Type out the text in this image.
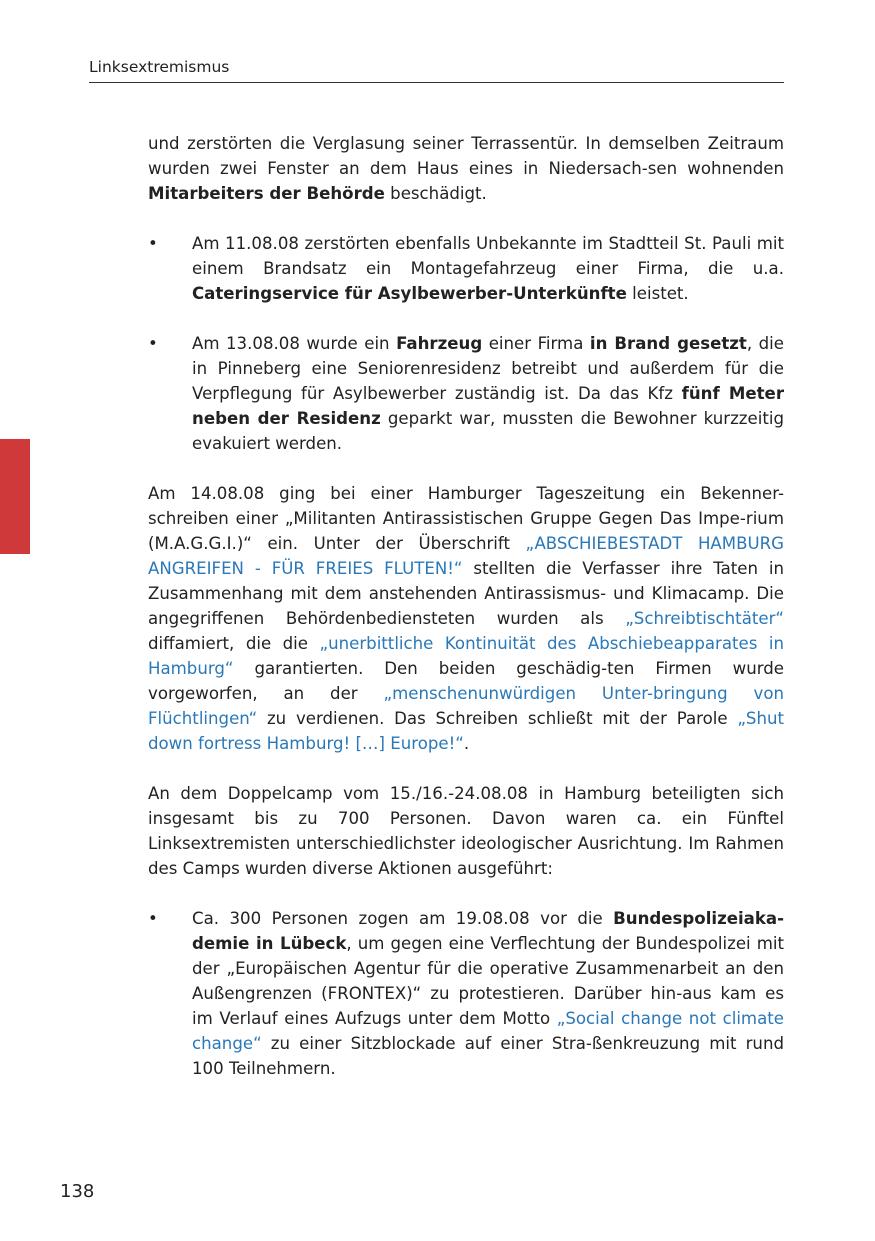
Linksextremismus

und zerstörten die Verglasung seiner Terrassentür. In demselben Zeitraum wurden zwei Fenster an dem Haus eines in Niedersach-sen wohnenden Mitarbeiters der Behörde beschädigt.

• Am 11.08.08 zerstörten ebenfalls Unbekannte im Stadtteil St. Pauli mit einem Brandsatz ein Montagefahrzeug einer Firma, die u.a. Cateringservice für Asylbewerber-Unterkünfte leistet.
• Am 13.08.08 wurde ein Fahrzeug einer Firma in Brand gesetzt, die in Pinneberg eine Seniorenresidenz betreibt und außerdem für die Verpflegung für Asylbewerber zuständig ist. Da das Kfz fünf Meter neben der Residenz geparkt war, mussten die Bewohner kurzzeitig evakuiert werden.

Am 14.08.08 ging bei einer Hamburger Tageszeitung ein Bekenner-schreiben einer „Militanten Antirassistischen Gruppe Gegen Das Impe-rium (M.A.G.G.I.)“ ein. Unter der Überschrift „ABSCHIEBESTADT HAMBURG ANGREIFEN - FÜR FREIES FLUTEN!“ stellten die Verfasser ihre Taten in Zusammenhang mit dem anstehenden Antirassismus- und Klimacamp. Die angegriffenen Behördenbediensteten wurden als „Schreibtischtäter“ diffamiert, die die „unerbittliche Kontinuität des Abschiebeapparates in Hamburg“ garantierten. Den beiden geschädig-ten Firmen wurde vorgeworfen, an der „menschenunwürdigen Unter-bringung von Flüchtlingen“ zu verdienen. Das Schreiben schließt mit der Parole „Shut down fortress Hamburg! […] Europe!“.

An dem Doppelcamp vom 15./16.-24.08.08 in Hamburg beteiligten sich insgesamt bis zu 700 Personen. Davon waren ca. ein Fünftel Linksextremisten unterschiedlichster ideologischer Ausrichtung. Im Rahmen des Camps wurden diverse Aktionen ausgeführt:

• Ca. 300 Personen zogen am 19.08.08 vor die Bundespolizeiaka-demie in Lübeck, um gegen eine Verflechtung der Bundespolizei mit der „Europäischen Agentur für die operative Zusammenarbeit an den Außengrenzen (FRONTEX)“ zu protestieren. Darüber hin-aus kam es im Verlauf eines Aufzugs unter dem Motto „Social change not climate change“ zu einer Sitzblockade auf einer Stra-ßenkreuzung mit rund 100 Teilnehmern.
138
